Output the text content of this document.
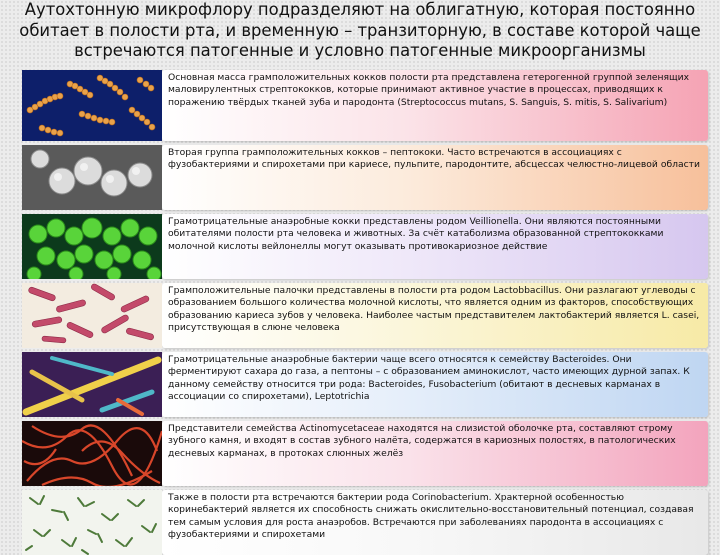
Аутохтонную микрофлору подразделяют на облигатную, которая постоянно
обитает в полости рта, и временную – транзиторную, в составе которой чаще
встречаются патогенные и условно патогенные микроорганизмы
Основная масса грамположительных кокков полости рта представлена гетерогенной группой зеленящих маловирулентных стрептококков, которые принимают активное участие в процессах, приводящих к поражению твёрдых тканей зуба и пародонта (Streptococcus mutans, S. Sanguis, S. mitis, S. Salivarium)
Вторая группа грамположительных кокков – пептококи. Часто встречаются в ассоциациях с фузобактериями и спирохетами при кариесе, пульпите, пародонтите, абсцессах челюстно-лицевой области
Грамотрицательные анаэробные кокки представлены родом Veillionella. Они являются постоянными обитателями полости рта человека и животных. За счёт катаболизма образованной стрептококками молочной кислоты вейлонеллы могут оказывать противокариозное действие
Грамположительные палочки представлены в полости рта родом Lactobbacillus. Они разлагают углеводы с образованием большого количества молочной кислоты, что является одним из факторов, способствующих образованию кариеса зубов у человека. Наиболее частым представителем лактобактерий является L. casei, присутствующая в слюне человека
Грамотрицательные анаэробные бактерии чаще всего относятся к семейству Bacteroides. Они ферментируют сахара до газа, а пептоны – с образованием аминокислот, часто имеющих дурной запах. К данному семейству относится три рода: Bacteroides, Fusobacterium (обитают в десневых карманах в ассоциации со спирохетами), Leptotrichia
Представители семейства Actinomycetaceae находятся на слизистой оболочке рта, составляют строму зубного камня, и входят в состав зубного налёта, содержатся в кариозных полостях, в патологических десневых карманах, в протоках слюнных желёз
Также в полости рта встречаются бактерии рода Corinobacterium. Храктерной особенностью коринебактерий является их способность снижать окислительно-восстановительный потенциал, создавая тем самым условия для роста анаэробов. Встречаются при заболеваниях пародонта в ассоциациях с фузобактериями и спирохетами
